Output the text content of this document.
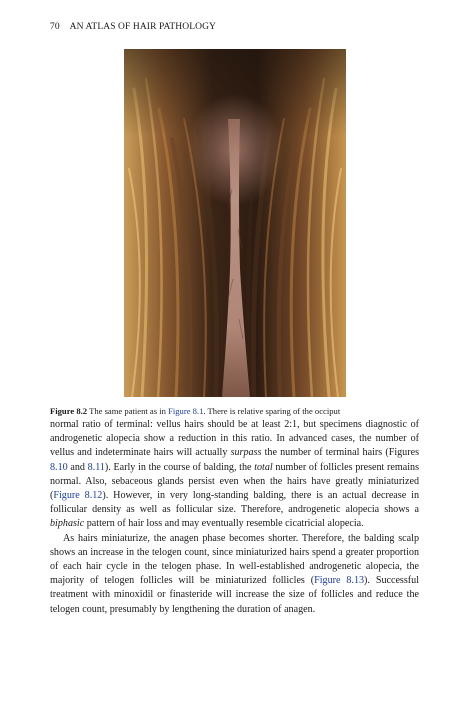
70 AN ATLAS OF HAIR PATHOLOGY
Figure 8.2 The same patient as in Figure 8.1. There is relative sparing of the occiput

normal ratio of terminal: vellus hairs should be at least 2:1, but specimens diagnostic of androgenetic alopecia show a reduction in this ratio. In advanced cases, the number of vellus and indeterminate hairs will actually surpass the number of terminal hairs (Figures 8.10 and 8.11). Early in the course of balding, the total number of follicles present remains normal. Also, sebaceous glands persist even when the hairs have greatly miniaturized (Figure 8.12). However, in very long-standing balding, there is an actual decrease in follicular density as well as follicular size. Therefore, androgenetic alopecia shows a biphasic pattern of hair loss and may eventually resemble cicatricial alopecia.

As hairs miniaturize, the anagen phase becomes shorter. Therefore, the balding scalp shows an increase in the telogen count, since miniaturized hairs spend a greater proportion of each hair cycle in the telogen phase. In well-established androgenetic alopecia, the majority of telogen follicles will be miniaturized follicles (Figure 8.13). Successful treatment with minoxidil or finasteride will increase the size of follicles and reduce the telogen count, presumably by lengthening the duration of anagen.
